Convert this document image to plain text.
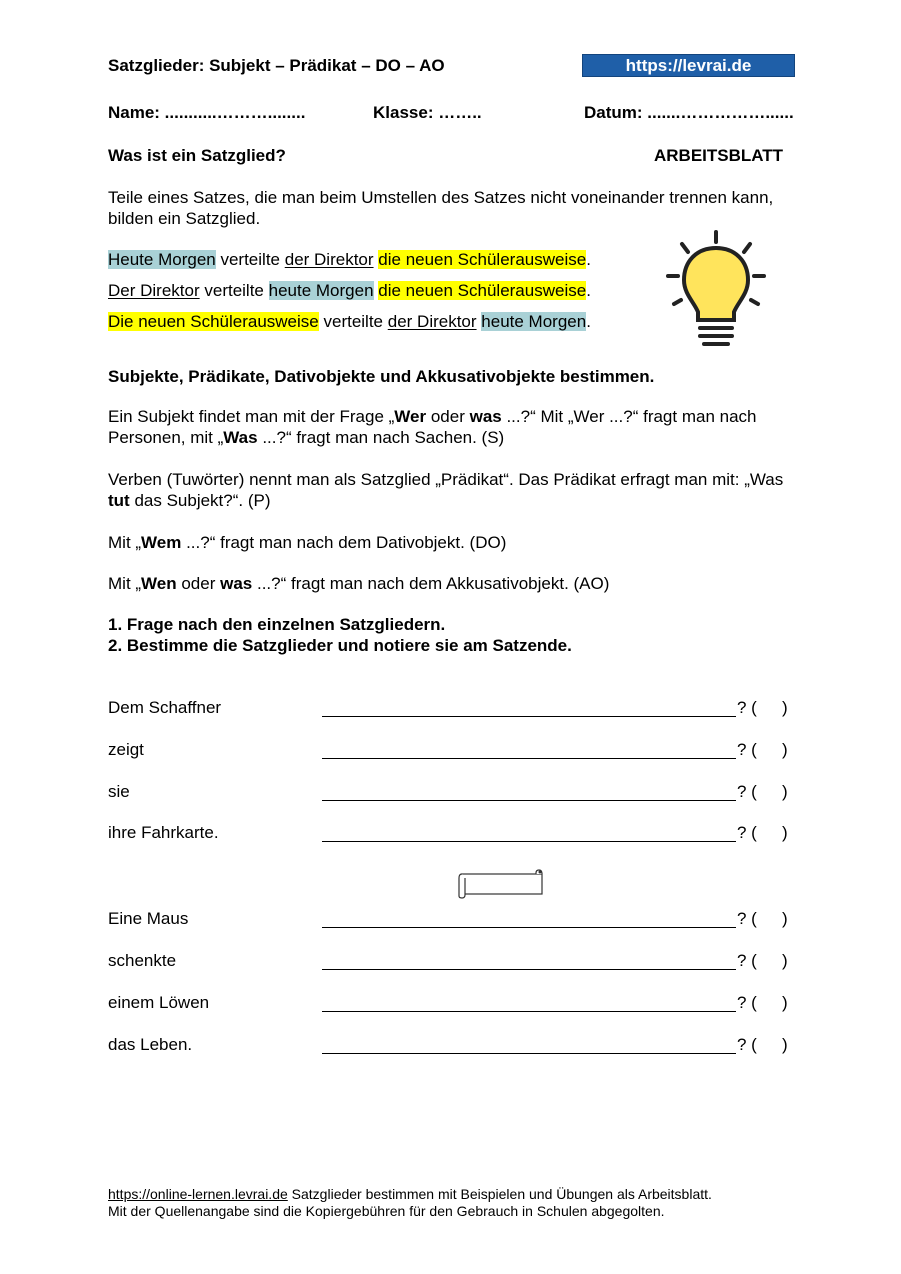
Satzglieder: Subjekt – Prädikat – DO – AO	https://levrai.de
Name: ...........………........	Klasse: ……..	Datum: .......……………......
Was ist ein Satzglied?	ARBEITSBLATT
Teile eines Satzes, die man beim Umstellen des Satzes nicht voneinander trennen kann, bilden ein Satzglied.
Heute Morgen verteilte der Direktor die neuen Schülerausweise.
Der Direktor verteilte heute Morgen die neuen Schülerausweise.
Die neuen Schülerausweise verteilte der Direktor heute Morgen.
Subjekte, Prädikate, Dativobjekte und Akkusativobjekte bestimmen.
Ein Subjekt findet man mit der Frage „Wer oder was ...?“ Mit „Wer ...?“ fragt man nach Personen, mit „Was ...?“ fragt man nach Sachen. (S)
Verben (Tuwörter) nennt man als Satzglied „Prädikat“. Das Prädikat erfragt man mit: „Was tut das Subjekt?“. (P)
Mit „Wem ...?“ fragt man nach dem Dativobjekt. (DO)
Mit „Wen oder was ...?“ fragt man nach dem Akkusativobjekt. (AO)
1. Frage nach den einzelnen Satzgliedern.
2. Bestimme die Satzglieder und notiere sie am Satzende.
Dem Schaffner	? ( )
zeigt	? ( )
sie	? ( )
ihre Fahrkarte.	? ( )
Eine Maus	? ( )
schenkte	? ( )
einem Löwen	? ( )
das Leben.	? ( )
https://online-lernen.levrai.de Satzglieder bestimmen mit Beispielen und Übungen als Arbeitsblatt.
Mit der Quellenangabe sind die Kopiergebühren für den Gebrauch in Schulen abgegolten.
